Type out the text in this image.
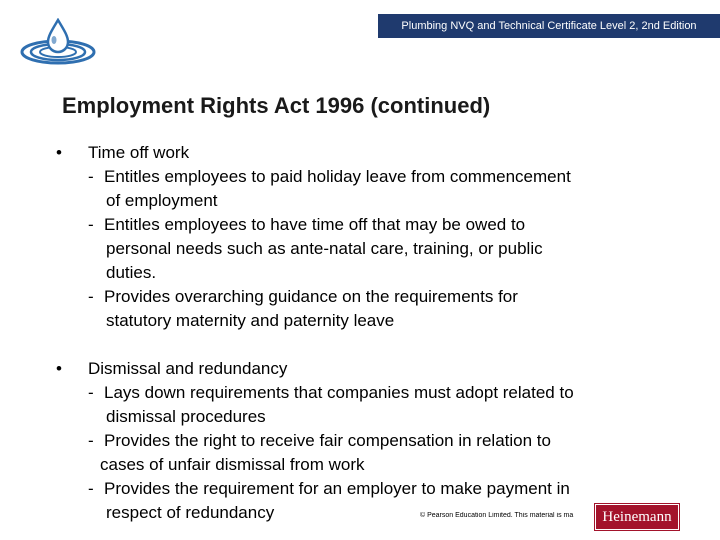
Plumbing NVQ and Technical Certificate Level 2, 2nd Edition
Employment Rights Act 1996 (continued)
•	Time off work
- Entitles employees to paid holiday leave from commencement
of employment
- Entitles employees to have time off that may be owed to
personal needs such as ante-natal care, training, or public
duties.
- Provides overarching guidance on the requirements for
statutory maternity and paternity leave
•	Dismissal and redundancy
- Lays down requirements that companies must adopt related to
dismissal procedures
- Provides the right to receive fair compensation in relation to
cases of unfair dismissal from work
- Provides the requirement for an employer to make payment in
respect of redundancy	© Pearson Education Limited. This material is ma	Heinemann
